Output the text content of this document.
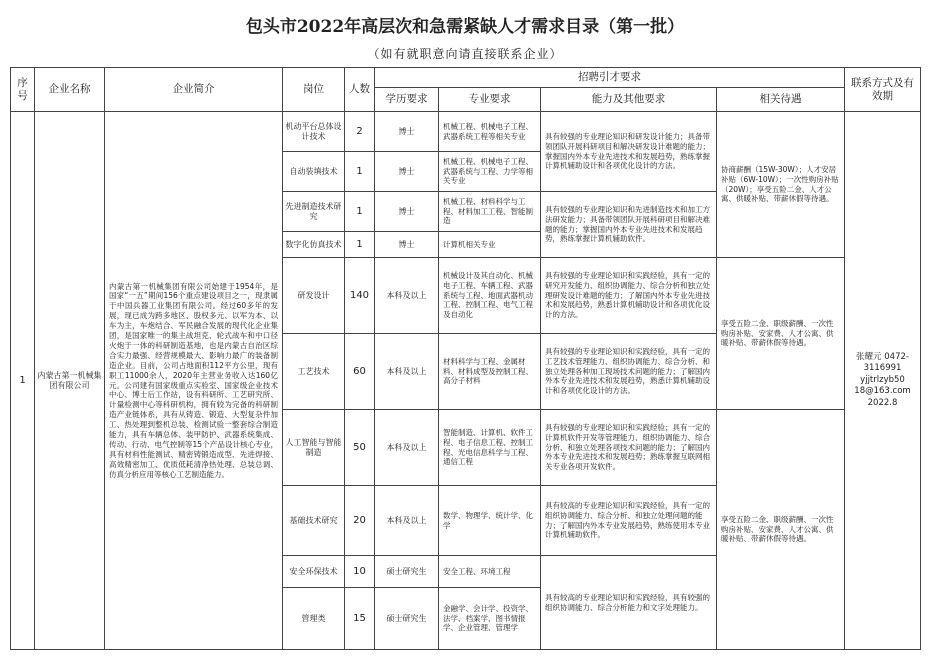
包头市2022年高层次和急需紧缺人才需求目录（第一批）
（如有就职意向请直接联系企业）
序号	企业名称	企业简介	岗位	人数	招聘引才要求				联系方式及有效期
					学历要求	专业要求	能力及其他要求	相关待遇	
1	内蒙古第一机械集团有限公司	内蒙古第一机械集团有限公司始建于1954年，是国家“一五”期间156个重点建设项目之一，现隶属于中国兵器工业集团有限公司。经过60多年的发展，现已成为跨多地区、股权多元、以军为本、以车为主，车炮结合、军民融合发展的现代化企业集团，是国家唯一的集主战坦克、轮式战车和中口径火炮于一体的科研制造基地，也是内蒙古自治区综合实力最强、经营规模最大、影响力最广的装备制造企业。目前，公司占地面积112平方公里，现有职工11000余人，2020年主营业务收入达160亿元。公司建有国家级重点实验室、国家级企业技术中心、博士后工作站，设有科研所、工艺研究所、计量检测中心等科研机构，拥有较为完备的科研制造产业链体系，具有从铸造、锻造、大型复杂件加工、热处理到整机总装、检测试验一整套综合制造能力，具有车辆总体、装甲防护、武器系统集成、传动、行动、电气控制等15个产品设计核心专业，具有材料性能测试、精密铸锻造成型、先进焊接、高效精密加工、优质低耗清净热处理、总装总调、仿真分析应用等核心工艺制造能力。	机动平台总体设计技术	2	博士	机械工程、机械电子工程、武器系统工程等相关专业	具有较强的专业理论知识和研发设计能力；具备带领团队开展科研项目和解决研发设计难题的能力；掌握国内外本专业先进技术和发展趋势，熟练掌握计算机辅助设计和各项优化设计的方法。	协商薪酬（15W-30W）；人才安居补贴（6W-10W）；一次性购房补贴（20W）；享受五险二金、人才公寓、供暖补贴、带薪休假等待遇。	张耀元 0472-3116991 yjjtrlzyb50 18@163.com 2022.8
			自动装填技术	1	博士	机械工程、机械电子工程、武器系统与工程、力学等相关专业			
			先进制造技术研究	1	博士	机械工程、材料科学与工程、材料加工工程、智能制造	具有较强的专业理论知识和先进制造技术和加工方法研发能力；具备带领团队开展科研项目和解决难题的能力；掌握国内外本专业先进技术和发展趋势，熟练掌握计算机辅助软件。		
			数字化仿真技术	1	博士	计算机相关专业			
			研发设计	140	本科及以上	机械设计及其自动化、机械电子工程、车辆工程、武器系统与工程、地面武器机动工程、控制工程、电气工程及自动化	具有较强的专业理论知识和实践经验，具有一定的研究开发能力、组织协调能力、综合分析和独立处理研发设计难题的能力；了解国内外本专业先进技术和发展趋势，熟悉计算机辅助设计和各项优化设计的方法。	享受五险二金、职级薪酬、一次性购房补贴、安家费、人才公寓、供暖补贴、带薪休假等待遇。	
			工艺技术	60	本科及以上	材料科学与工程、金属材料、材料成型及控制工程、高分子材料	具有较强的专业理论知识和实践经验，具有一定的工艺技术管理能力、组织协调能力、综合分析、和独立处理各种加工现场技术问题的能力；了解国内外本专业先进技术和发展趋势，熟悉计算机辅助设计和各项优化设计的方法。		
			人工智能与智能制造	50	本科及以上	智能制造、计算机、软件工程、电子信息工程、控制工程、光电信息科学与工程、通信工程	具有较强的专业理论知识和实践经验；具有一定的计算机软件开发等管理能力、组织协调能力、综合分析、和独立处理各项技术问题的能力；了解国内外本专业先进技术和发展趋势；熟练掌握互联网相关专业各项开发软件。	享受五险二金、职级薪酬、一次性购房补贴、安家费、人才公寓、供暖补贴、带薪休假等待遇。	
			基础技术研究	20	本科及以上	数学、物理学、统计学、化学	具有较高的专业理论知识和实践经验，具有一定的组织协调能力、综合分析、和独立处理问题的能力；了解国内外本专业发展趋势，熟练使用本专业计算机辅助软件。		
			安全环保技术	10	硕士研究生	安全工程、环境工程	具有较高的专业理论知识和实践经验，具有较强的组织协调能力、综合分析能力和文字处理能力。		
			管理类	15	硕士研究生	金融学、会计学、投资学、法学、档案学、图书情报学、企业管理、管理学			
